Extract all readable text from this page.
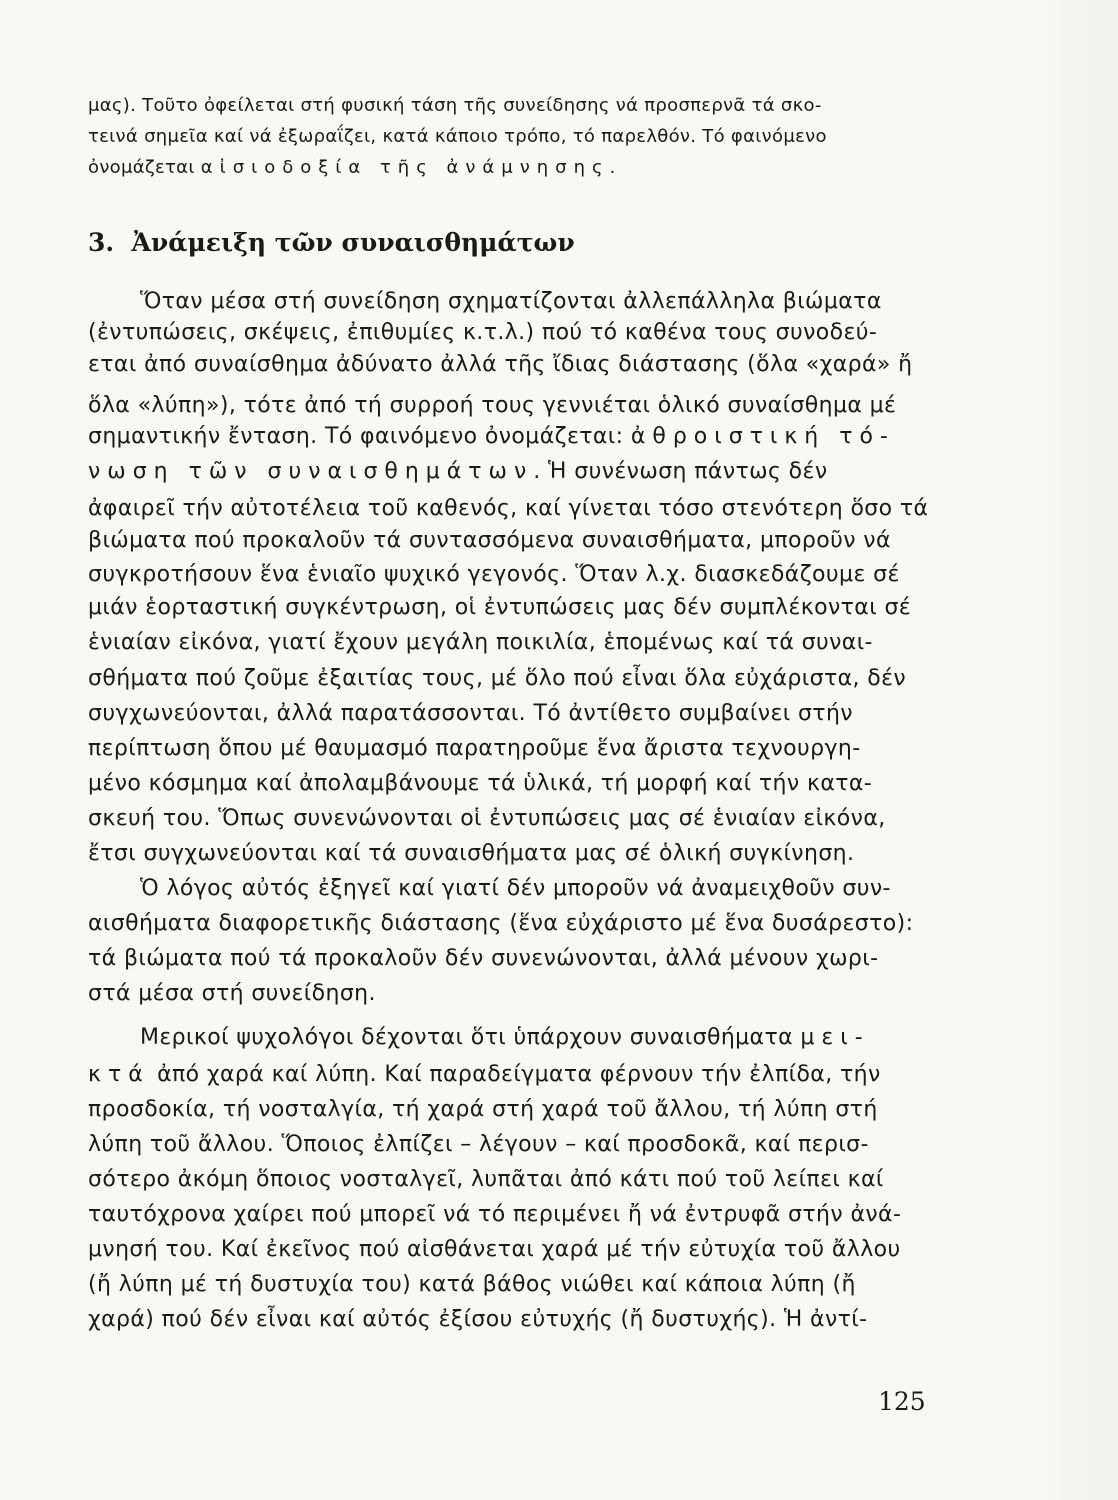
μας). Τοῦτο ὀφείλεται στή φυσική τάση τῆς συνείδησης νά προσπερνᾶ τά σκο-
τεινά σημεῖα καί νά ἐξωραΐζει, κατά κάποιο τρόπο, τό παρελθόν. Τό φαινόμενο
ὀνομάζεται αἰσιοδοξία τῆς ἀνάμνησης.
3.  Ἀνάμειξη τῶν συναισθημάτων
Ὅταν μέσα στή συνείδηση σχηματίζονται ἀλλεπάλληλα βιώματα
(ἐντυπώσεις, σκέψεις, ἐπιθυμίες κ.τ.λ.) πού τό καθένα τους συνοδεύ-
εται ἀπό συναίσθημα ἀδύνατο ἀλλά τῆς ἴδιας διάστασης (ὅλα «χαρά» ἤ
ὅλα «λύπη»), τότε ἀπό τή συρροή τους γεννιέται ὁλικό συναίσθημα μέ
σημαντικήν ἔνταση. Τό φαινόμενο ὀνομάζεται: ἀθροιστική τό-
νωση τῶν συναισθημάτων. Ἡ συνένωση πάντως δέν
ἀφαιρεῖ τήν αὐτοτέλεια τοῦ καθενός, καί γίνεται τόσο στενότερη ὅσο τά
βιώματα πού προκαλοῦν τά συντασσόμενα συναισθήματα, μποροῦν νά
συγκροτήσουν ἕνα ἑνιαῖο ψυχικό γεγονός. Ὅταν λ.χ. διασκεδάζουμε σέ
μιάν ἑορταστική συγκέντρωση, οἱ ἐντυπώσεις μας δέν συμπλέκονται σέ
ἑνιαίαν εἰκόνα, γιατί ἔχουν μεγάλη ποικιλία, ἑπομένως καί τά συναι-
σθήματα πού ζοῦμε ἐξαιτίας τους, μέ ὅλο πού εἶναι ὅλα εὐχάριστα, δέν
συγχωνεύονται, ἀλλά παρατάσσονται. Τό ἀντίθετο συμβαίνει στήν
περίπτωση ὅπου μέ θαυμασμό παρατηροῦμε ἕνα ἄριστα τεχνουργη-
μένο κόσμημα καί ἀπολαμβάνουμε τά ὑλικά, τή μορφή καί τήν κατα-
σκευή του. Ὅπως συνενώνονται οἱ ἐντυπώσεις μας σέ ἑνιαίαν εἰκόνα,
ἔτσι συγχωνεύονται καί τά συναισθήματα μας σέ ὁλική συγκίνηση.
Ὁ λόγος αὐτός ἐξηγεῖ καί γιατί δέν μποροῦν νά ἀναμειχθοῦν συν-
αισθήματα διαφορετικῆς διάστασης (ἕνα εὐχάριστο μέ ἕνα δυσάρεστο):
τά βιώματα πού τά προκαλοῦν δέν συνενώνονται, ἀλλά μένουν χωρι-
στά μέσα στή συνείδηση.
Μερικοί ψυχολόγοι δέχονται ὅτι ὑπάρχουν συναισθήματα μει-
κτά ἀπό χαρά καί λύπη. Καί παραδείγματα φέρνουν τήν ἐλπίδα, τήν
προσδοκία, τή νοσταλγία, τή χαρά στή χαρά τοῦ ἄλλου, τή λύπη στή
λύπη τοῦ ἄλλου. Ὅποιος ἐλπίζει – λέγουν – καί προσδοκᾶ, καί περισ-
σότερο ἀκόμη ὅποιος νοσταλγεῖ, λυπᾶται ἀπό κάτι πού τοῦ λείπει καί
ταυτόχρονα χαίρει πού μπορεῖ νά τό περιμένει ἤ νά ἐντρυφᾶ στήν ἀνά-
μνησή του. Καί ἐκεῖνος πού αἰσθάνεται χαρά μέ τήν εὐτυχία τοῦ ἄλλου
(ἤ λύπη μέ τή δυστυχία του) κατά βάθος νιώθει καί κάποια λύπη (ἤ
χαρά) πού δέν εἶναι καί αὐτός ἐξίσου εὐτυχής (ἤ δυστυχής). Ἡ ἀντί-
125
